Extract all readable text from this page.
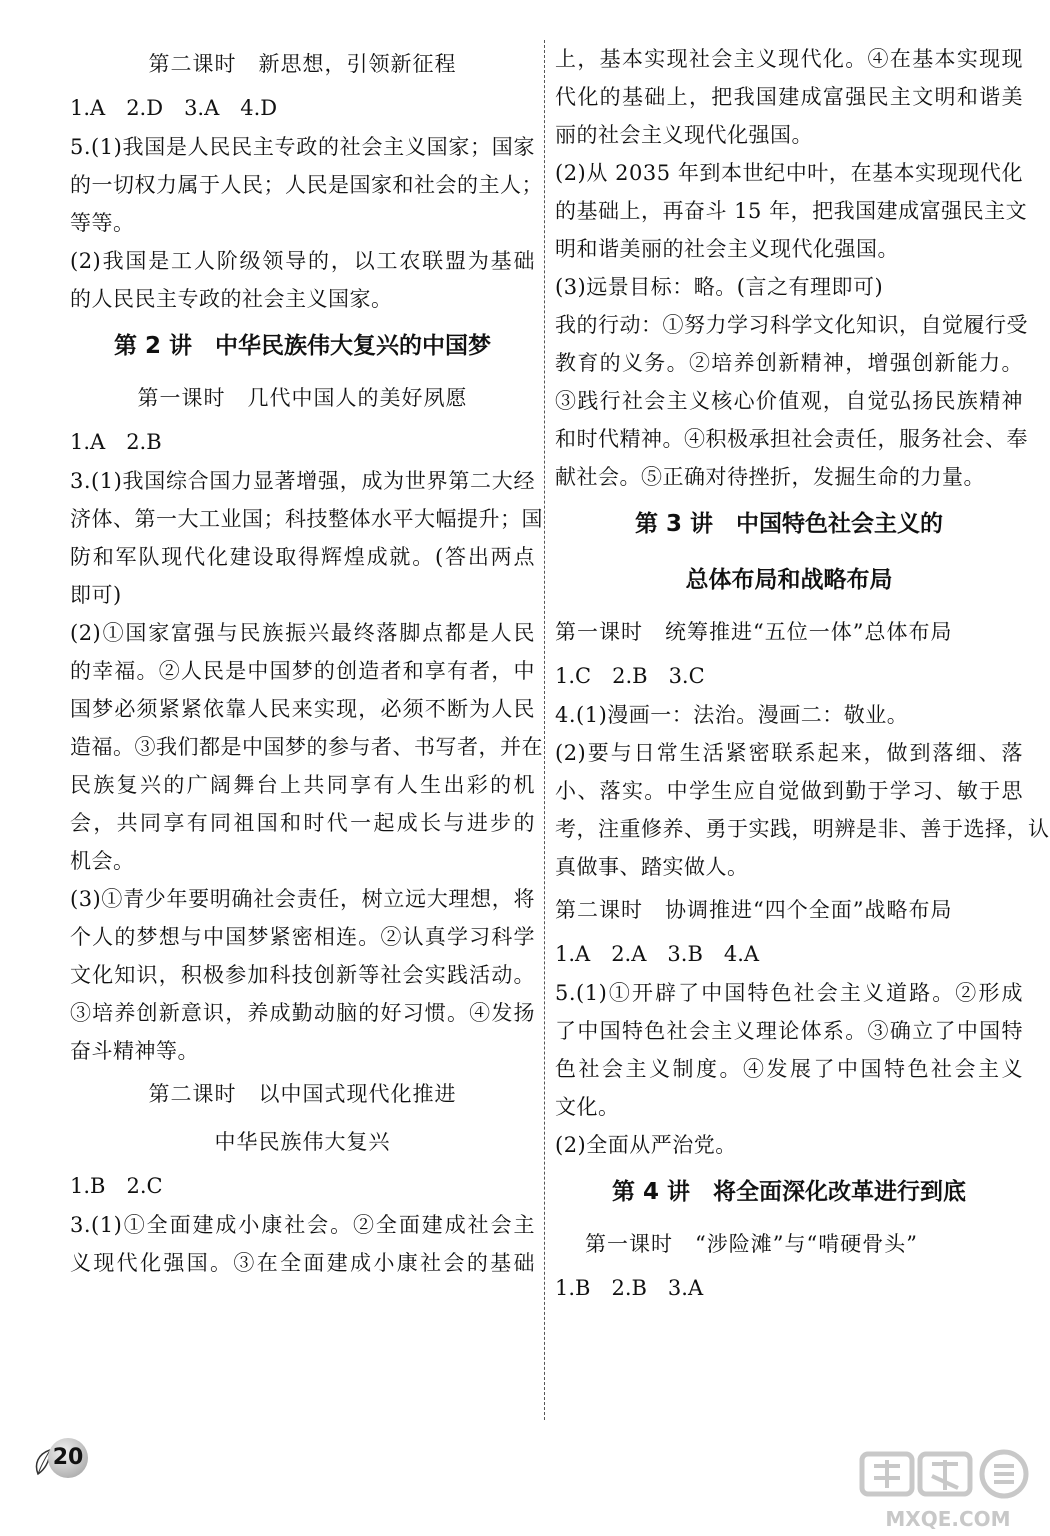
第二课时　新思想，引领新征程
1.A　2.D　3.A　4.D
5.(1)我国是人民民主专政的社会主义国家；国家
的一切权力属于人民；人民是国家和社会的主人；
等等。
(2)我国是工人阶级领导的，以工农联盟为基础
的人民民主专政的社会主义国家。
第 2 讲　中华民族伟大复兴的中国梦
第一课时　几代中国人的美好夙愿
1.A　2.B
3.(1)我国综合国力显著增强，成为世界第二大经
济体、第一大工业国；科技整体水平大幅提升；国
防和军队现代化建设取得辉煌成就。(答出两点
即可)
(2)①国家富强与民族振兴最终落脚点都是人民
的幸福。②人民是中国梦的创造者和享有者，中
国梦必须紧紧依靠人民来实现，必须不断为人民
造福。③我们都是中国梦的参与者、书写者，并在
民族复兴的广阔舞台上共同享有人生出彩的机
会，共同享有同祖国和时代一起成长与进步的
机会。
(3)①青少年要明确社会责任，树立远大理想，将
个人的梦想与中国梦紧密相连。②认真学习科学
文化知识，积极参加科技创新等社会实践活动。
③培养创新意识，养成勤动脑的好习惯。④发扬
奋斗精神等。
第二课时　以中国式现代化推进
中华民族伟大复兴
1.B　2.C
3.(1)①全面建成小康社会。②全面建成社会主
义现代化强国。③在全面建成小康社会的基础
上，基本实现社会主义现代化。④在基本实现现
代化的基础上，把我国建成富强民主文明和谐美
丽的社会主义现代化强国。
(2)从 2035 年到本世纪中叶，在基本实现现代化
的基础上，再奋斗 15 年，把我国建成富强民主文
明和谐美丽的社会主义现代化强国。
(3)远景目标：略。(言之有理即可)
我的行动：①努力学习科学文化知识，自觉履行受
教育的义务。②培养创新精神，增强创新能力。
③践行社会主义核心价值观，自觉弘扬民族精神
和时代精神。④积极承担社会责任，服务社会、奉
献社会。⑤正确对待挫折，发掘生命的力量。
第 3 讲　中国特色社会主义的
总体布局和战略布局
第一课时　统筹推进“五位一体”总体布局
1.C　2.B　3.C
4.(1)漫画一：法治。漫画二：敬业。
(2)要与日常生活紧密联系起来，做到落细、落
小、落实。中学生应自觉做到勤于学习、敏于思
考，注重修养、勇于实践，明辨是非、善于选择，认
真做事、踏实做人。
第二课时　协调推进“四个全面”战略布局
1.A　2.A　3.B　4.A
5.(1)①开辟了中国特色社会主义道路。②形成
了中国特色社会主义理论体系。③确立了中国特
色社会主义制度。④发展了中国特色社会主义
文化。
(2)全面从严治党。
第 4 讲　将全面深化改革进行到底
第一课时　“涉险滩”与“啃硬骨头”
1.B　2.B　3.A
20
MXQE.COM
